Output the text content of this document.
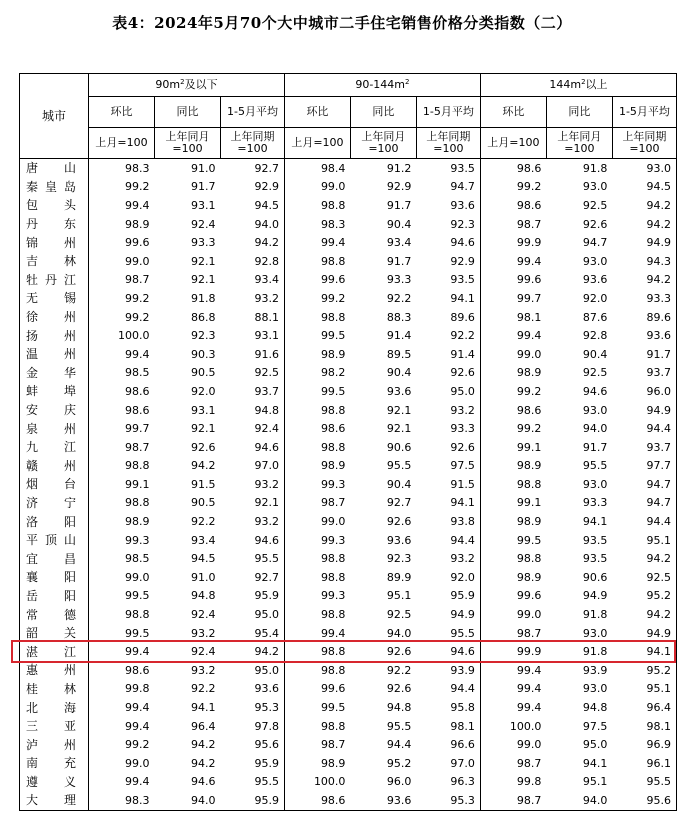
表4：2024年5月70个大中城市二手住宅销售价格分类指数（二）
城市	$90m^2$及以下			$90-144m^2$			$144m^2$以上		
	环比	同比	1-5月平均	环比	同比	1-5月平均	环比	同比	1-5月平均
	上月=100	上年同月=100	上年同期=100	上月=100	上年同月=100	上年同期=100	上月=100	上年同月=100	上年同期=100

唐山	98.3	91.0	92.7	98.4	91.2	93.5	98.6	91.8	93.0

秦皇岛	99.2	91.7	92.9	99.0	92.9	94.7	99.2	93.0	94.5

包头	99.4	93.1	94.5	98.8	91.7	93.6	98.6	92.5	94.2

丹东	98.9	92.4	94.0	98.3	90.4	92.3	98.7	92.6	94.2

锦州	99.6	93.3	94.2	99.4	93.4	94.6	99.9	94.7	94.9

吉林	99.0	92.1	92.8	98.8	91.7	92.9	99.4	93.0	94.3

牡丹江	98.7	92.1	93.4	99.6	93.3	93.5	99.6	93.6	94.2

无锡	99.2	91.8	93.2	99.2	92.2	94.1	99.7	92.0	93.3

徐州	99.2	86.8	88.1	98.8	88.3	89.6	98.1	87.6	89.6

扬州	100.0	92.3	93.1	99.5	91.4	92.2	99.4	92.8	93.6

温州	99.4	90.3	91.6	98.9	89.5	91.4	99.0	90.4	91.7

金华	98.5	90.5	92.5	98.2	90.4	92.6	98.9	92.5	93.7

蚌埠	98.6	92.0	93.7	99.5	93.6	95.0	99.2	94.6	96.0

安庆	98.6	93.1	94.8	98.8	92.1	93.2	98.6	93.0	94.9

泉州	99.7	92.1	92.4	98.6	92.1	93.3	99.2	94.0	94.4

九江	98.7	92.6	94.6	98.8	90.6	92.6	99.1	91.7	93.7

赣州	98.8	94.2	97.0	98.9	95.5	97.5	98.9	95.5	97.7

烟台	99.1	91.5	93.2	99.3	90.4	91.5	98.8	93.0	94.7

济宁	98.8	90.5	92.1	98.7	92.7	94.1	99.1	93.3	94.7

洛阳	98.9	92.2	93.2	99.0	92.6	93.8	98.9	94.1	94.4

平顶山	99.3	93.4	94.6	99.3	93.6	94.4	99.5	93.5	95.1

宜昌	98.5	94.5	95.5	98.8	92.3	93.2	98.8	93.5	94.2

襄阳	99.0	91.0	92.7	98.8	89.9	92.0	98.9	90.6	92.5

岳阳	99.5	94.8	95.9	99.3	95.1	95.9	99.6	94.9	95.2

常德	98.8	92.4	95.0	98.8	92.5	94.9	99.0	91.8	94.2

韶关	99.5	93.2	95.4	99.4	94.0	95.5	98.7	93.0	94.9

湛江	99.4	92.4	94.2	98.8	92.6	94.6	99.9	91.8	94.1

惠州	98.6	93.2	95.0	98.8	92.2	93.9	99.4	93.9	95.2

桂林	99.8	92.2	93.6	99.6	92.6	94.4	99.4	93.0	95.1

北海	99.4	94.1	95.3	99.5	94.8	95.8	99.4	94.8	96.4

三亚	99.4	96.4	97.8	98.8	95.5	98.1	100.0	97.5	98.1

泸州	99.2	94.2	95.6	98.7	94.4	96.6	99.0	95.0	96.9

南充	99.0	94.2	95.9	98.9	95.2	97.0	98.7	94.1	96.1

遵义	99.4	94.6	95.5	100.0	96.0	96.3	99.8	95.1	95.5

大理	98.3	94.0	95.9	98.6	93.6	95.3	98.7	94.0	95.6
